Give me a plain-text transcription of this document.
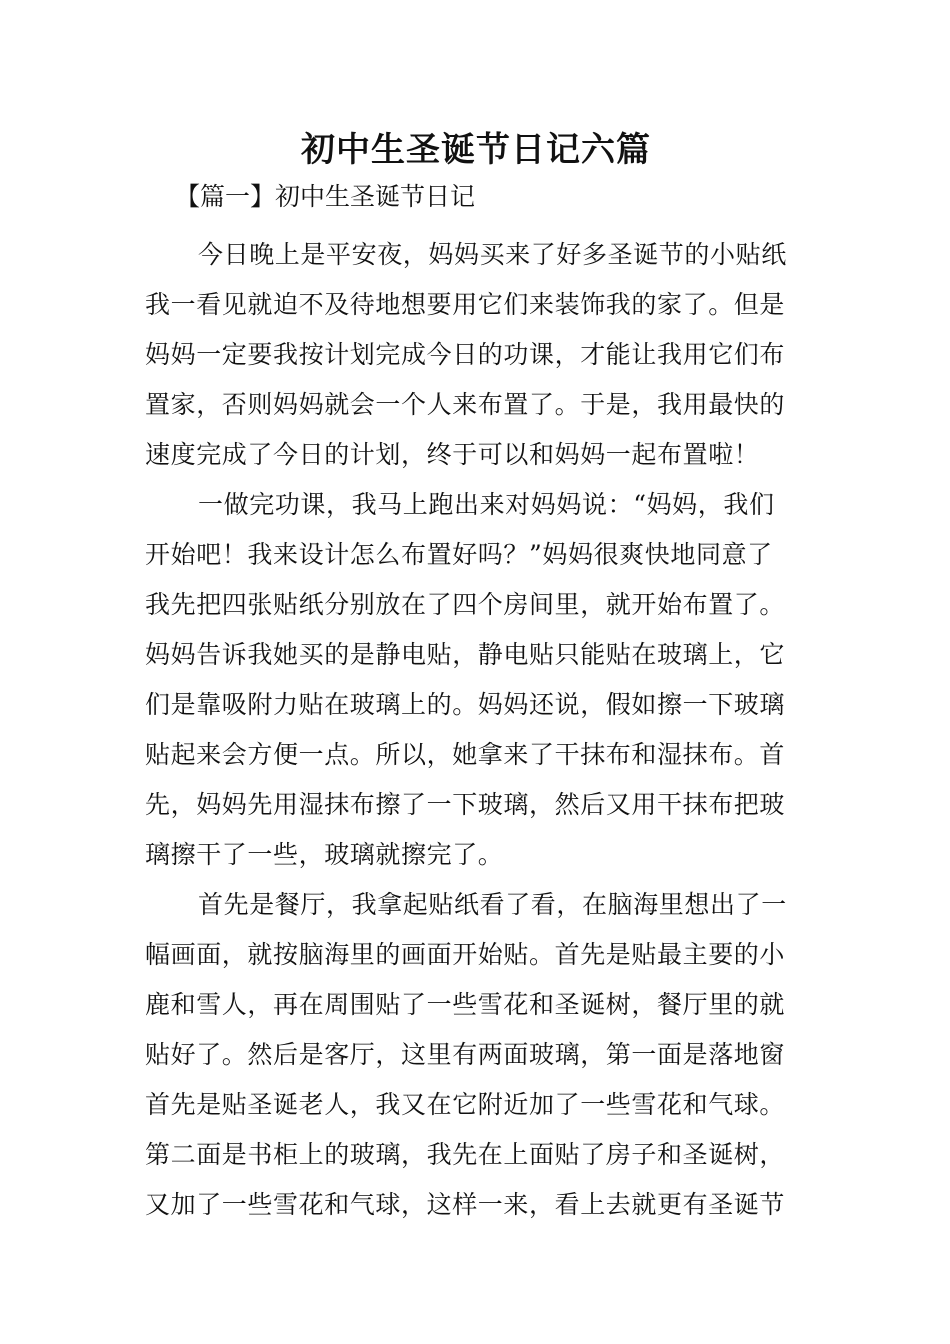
初中生圣诞节日记六篇
【篇一】初中生圣诞节日记
今日晚上是平安夜，妈妈买来了好多圣诞节的小贴纸
我一看见就迫不及待地想要用它们来装饰我的家了。但是
妈妈一定要我按计划完成今日的功课，才能让我用它们布
置家，否则妈妈就会一个人来布置了。于是，我用最快的
速度完成了今日的计划，终于可以和妈妈一起布置啦！
一做完功课，我马上跑出来对妈妈说：“妈妈，我们
开始吧！我来设计怎么布置好吗？”妈妈很爽快地同意了
我先把四张贴纸分别放在了四个房间里，就开始布置了。
妈妈告诉我她买的是静电贴，静电贴只能贴在玻璃上，它
们是靠吸附力贴在玻璃上的。妈妈还说，假如擦一下玻璃
贴起来会方便一点。所以，她拿来了干抹布和湿抹布。首
先，妈妈先用湿抹布擦了一下玻璃，然后又用干抹布把玻
璃擦干了一些，玻璃就擦完了。
首先是餐厅，我拿起贴纸看了看，在脑海里想出了一
幅画面，就按脑海里的画面开始贴。首先是贴最主要的小
鹿和雪人，再在周围贴了一些雪花和圣诞树，餐厅里的就
贴好了。然后是客厅，这里有两面玻璃，第一面是落地窗
首先是贴圣诞老人，我又在它附近加了一些雪花和气球。
第二面是书柜上的玻璃，我先在上面贴了房子和圣诞树，
又加了一些雪花和气球，这样一来，看上去就更有圣诞节
